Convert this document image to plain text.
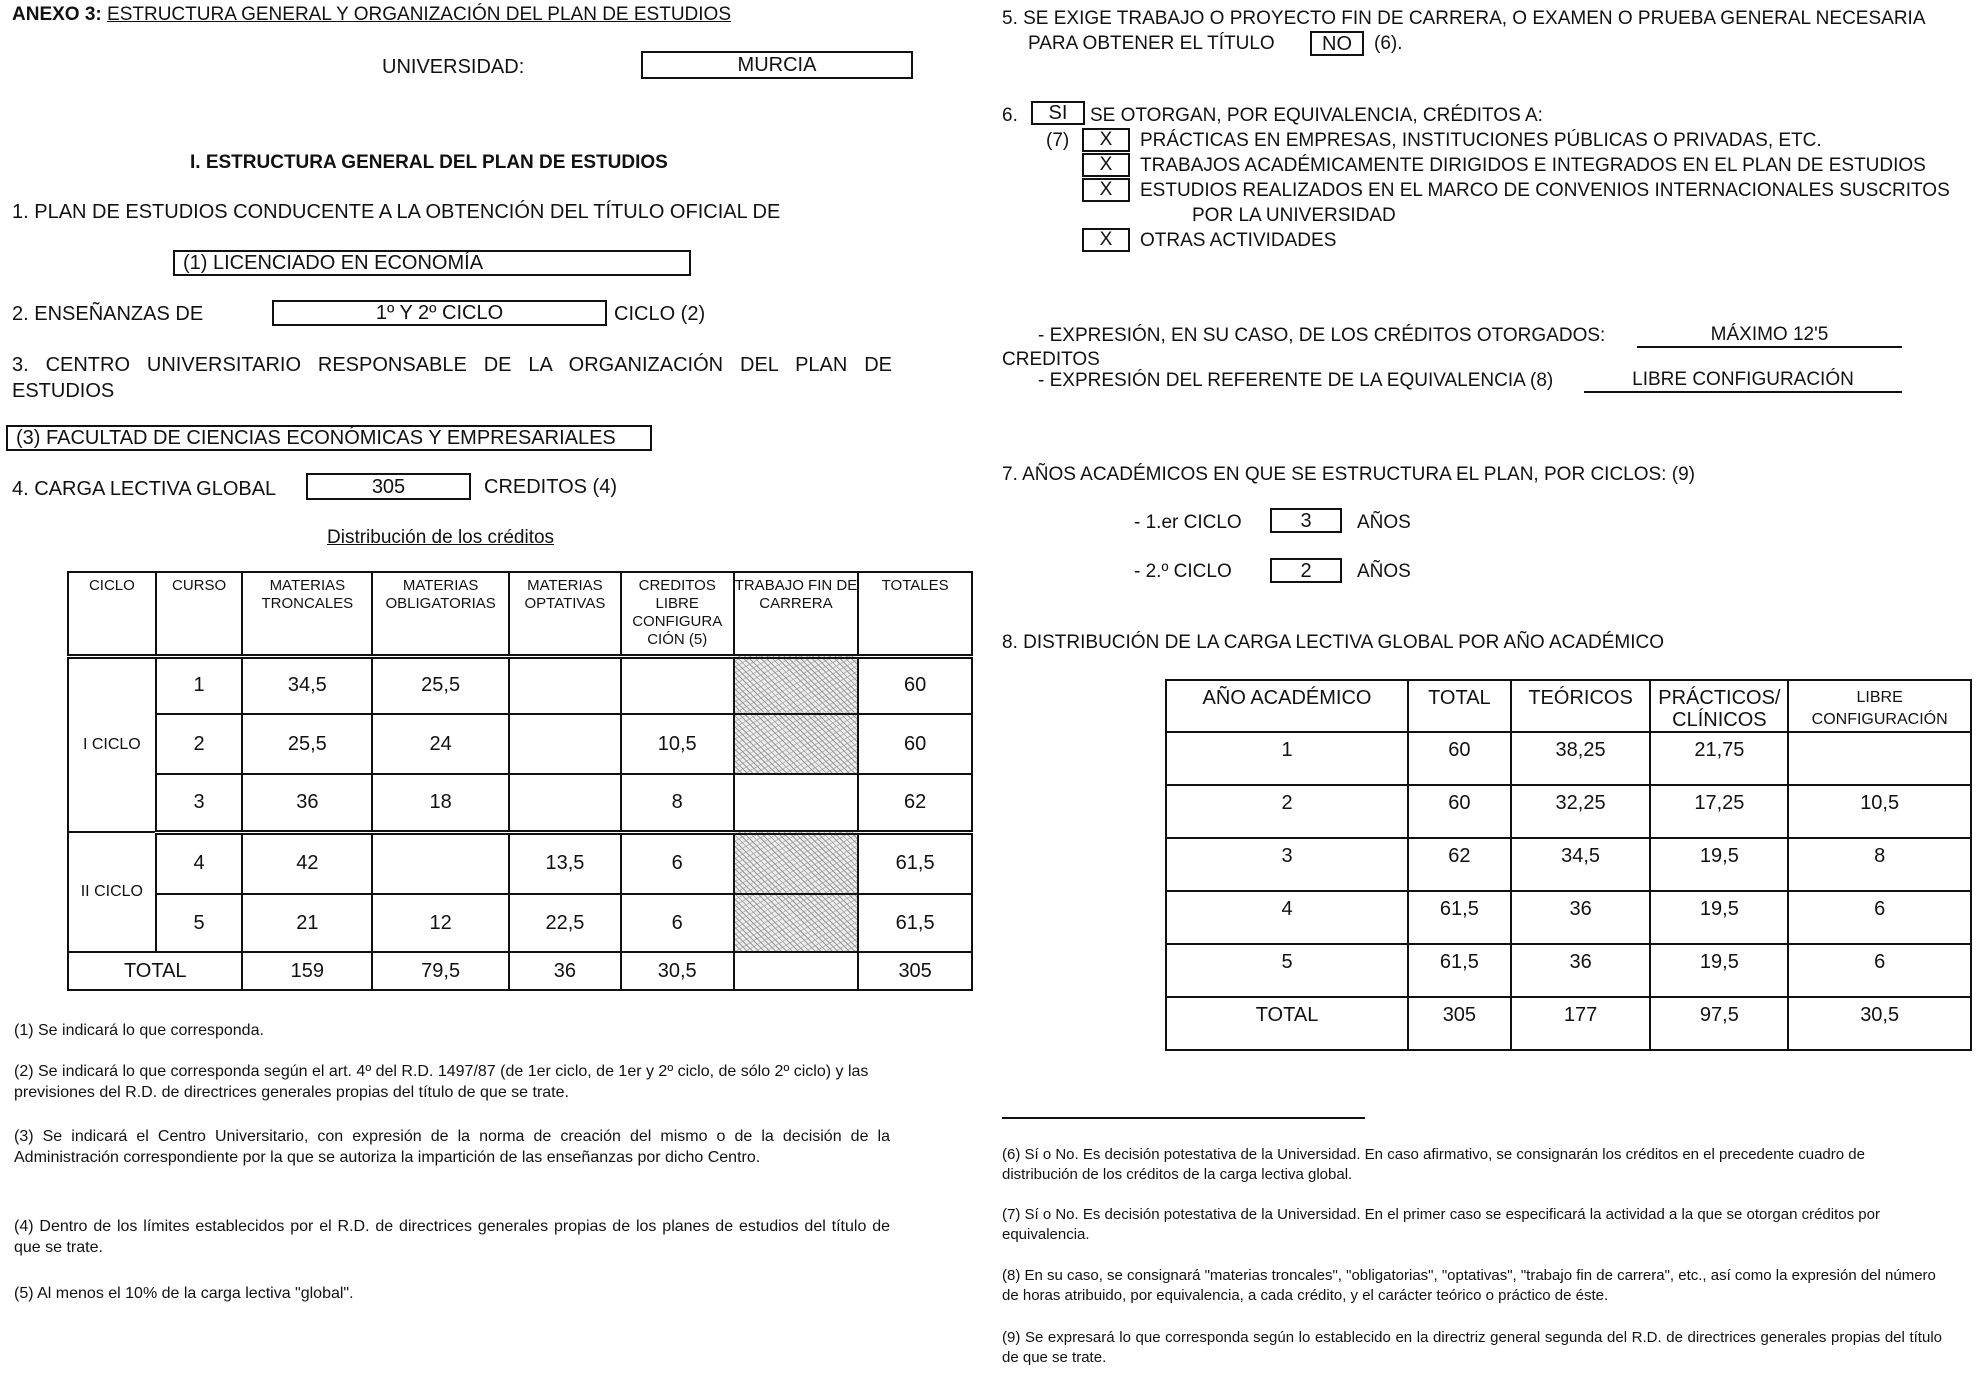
ANEXO 3: ESTRUCTURA GENERAL Y ORGANIZACIÓN DEL PLAN DE ESTUDIOS
UNIVERSIDAD:	MURCIA
I. ESTRUCTURA GENERAL DEL PLAN DE ESTUDIOS
1. PLAN DE ESTUDIOS CONDUCENTE A LA OBTENCIÓN DEL TÍTULO OFICIAL DE
(1) LICENCIADO EN ECONOMÍA
2. ENSEÑANZAS DE	1º Y 2º CICLO	CICLO (2)
3. CENTRO UNIVERSITARIO RESPONSABLE DE LA ORGANIZACIÓN DEL PLAN DE ESTUDIOS
(3) FACULTAD DE CIENCIAS ECONÓMICAS Y EMPRESARIALES
4. CARGA LECTIVA GLOBAL	305	CREDITOS (4)
Distribución de los créditos
CICLO	CURSO	MATERIAS TRONCALES	MATERIAS OBLIGATORIAS	MATERIAS OPTATIVAS	CREDITOS LIBRE CONFIGURA CIÓN (5)	TRABAJO FIN DE CARRERA	TOTALES
I CICLO	1	34,5	25,5				60
	2	25,5	24		10,5		60
	3	36	18		8		62
II CICLO	4	42		13,5	6		61,5
	5	21	12	22,5	6		61,5
TOTAL		159	79,5	36	30,5		305
(1) Se indicará lo que corresponda.
(2) Se indicará lo que corresponda según el art. 4º del R.D. 1497/87 (de 1er ciclo, de 1er y 2º ciclo, de sólo 2º ciclo) y las previsiones del R.D. de directrices generales propias del título de que se trate.
(3) Se indicará el Centro Universitario, con expresión de la norma de creación del mismo o de la decisión de la Administración correspondiente por la que se autoriza la impartición de las enseñanzas por dicho Centro.
(4) Dentro de los límites establecidos por el R.D. de directrices generales propias de los planes de estudios del título de que se trate.
(5) Al menos el 10% de la carga lectiva "global".
5. SE EXIGE TRABAJO O PROYECTO FIN DE CARRERA, O EXAMEN O PRUEBA GENERAL NECESARIA
PARA OBTENER EL TÍTULO	NO	(6).
6.	SI	SE OTORGAN, POR EQUIVALENCIA, CRÉDITOS A:
(7)	X	PRÁCTICAS EN EMPRESAS, INSTITUCIONES PÚBLICAS O PRIVADAS, ETC.
X	TRABAJOS ACADÉMICAMENTE DIRIGIDOS E INTEGRADOS EN EL PLAN DE ESTUDIOS
X	ESTUDIOS REALIZADOS EN EL MARCO DE CONVENIOS INTERNACIONALES SUSCRITOS
POR LA UNIVERSIDAD
X	OTRAS ACTIVIDADES
- EXPRESIÓN, EN SU CASO, DE LOS CRÉDITOS OTORGADOS:	MÁXIMO 12'5
CREDITOS
- EXPRESIÓN DEL REFERENTE DE LA EQUIVALENCIA (8)	LIBRE CONFIGURACIÓN
7. AÑOS ACADÉMICOS EN QUE SE ESTRUCTURA EL PLAN, POR CICLOS: (9)
- 1.er CICLO	3	AÑOS
- 2.º CICLO	2	AÑOS
8. DISTRIBUCIÓN DE LA CARGA LECTIVA GLOBAL POR AÑO ACADÉMICO
AÑO ACADÉMICO	TOTAL	TEÓRICOS	PRÁCTICOS/ CLÍNICOS	LIBRE CONFIGURACIÓN
1	60	38,25	21,75	
2	60	32,25	17,25	10,5
3	62	34,5	19,5	8
4	61,5	36	19,5	6
5	61,5	36	19,5	6
TOTAL	305	177	97,5	30,5
(6) Sí o No. Es decisión potestativa de la Universidad. En caso afirmativo, se consignarán los créditos en el precedente cuadro de distribución de los créditos de la carga lectiva global.
(7) Sí o No. Es decisión potestativa de la Universidad. En el primer caso se especificará la actividad a la que se otorgan créditos por equivalencia.
(8) En su caso, se consignará "materias troncales", "obligatorias", "optativas", "trabajo fin de carrera", etc., así como la expresión del número de horas atribuido, por equivalencia, a cada crédito, y el carácter teórico o práctico de éste.
(9) Se expresará lo que corresponda según lo establecido en la directriz general segunda del R.D. de directrices generales propias del título de que se trate.
